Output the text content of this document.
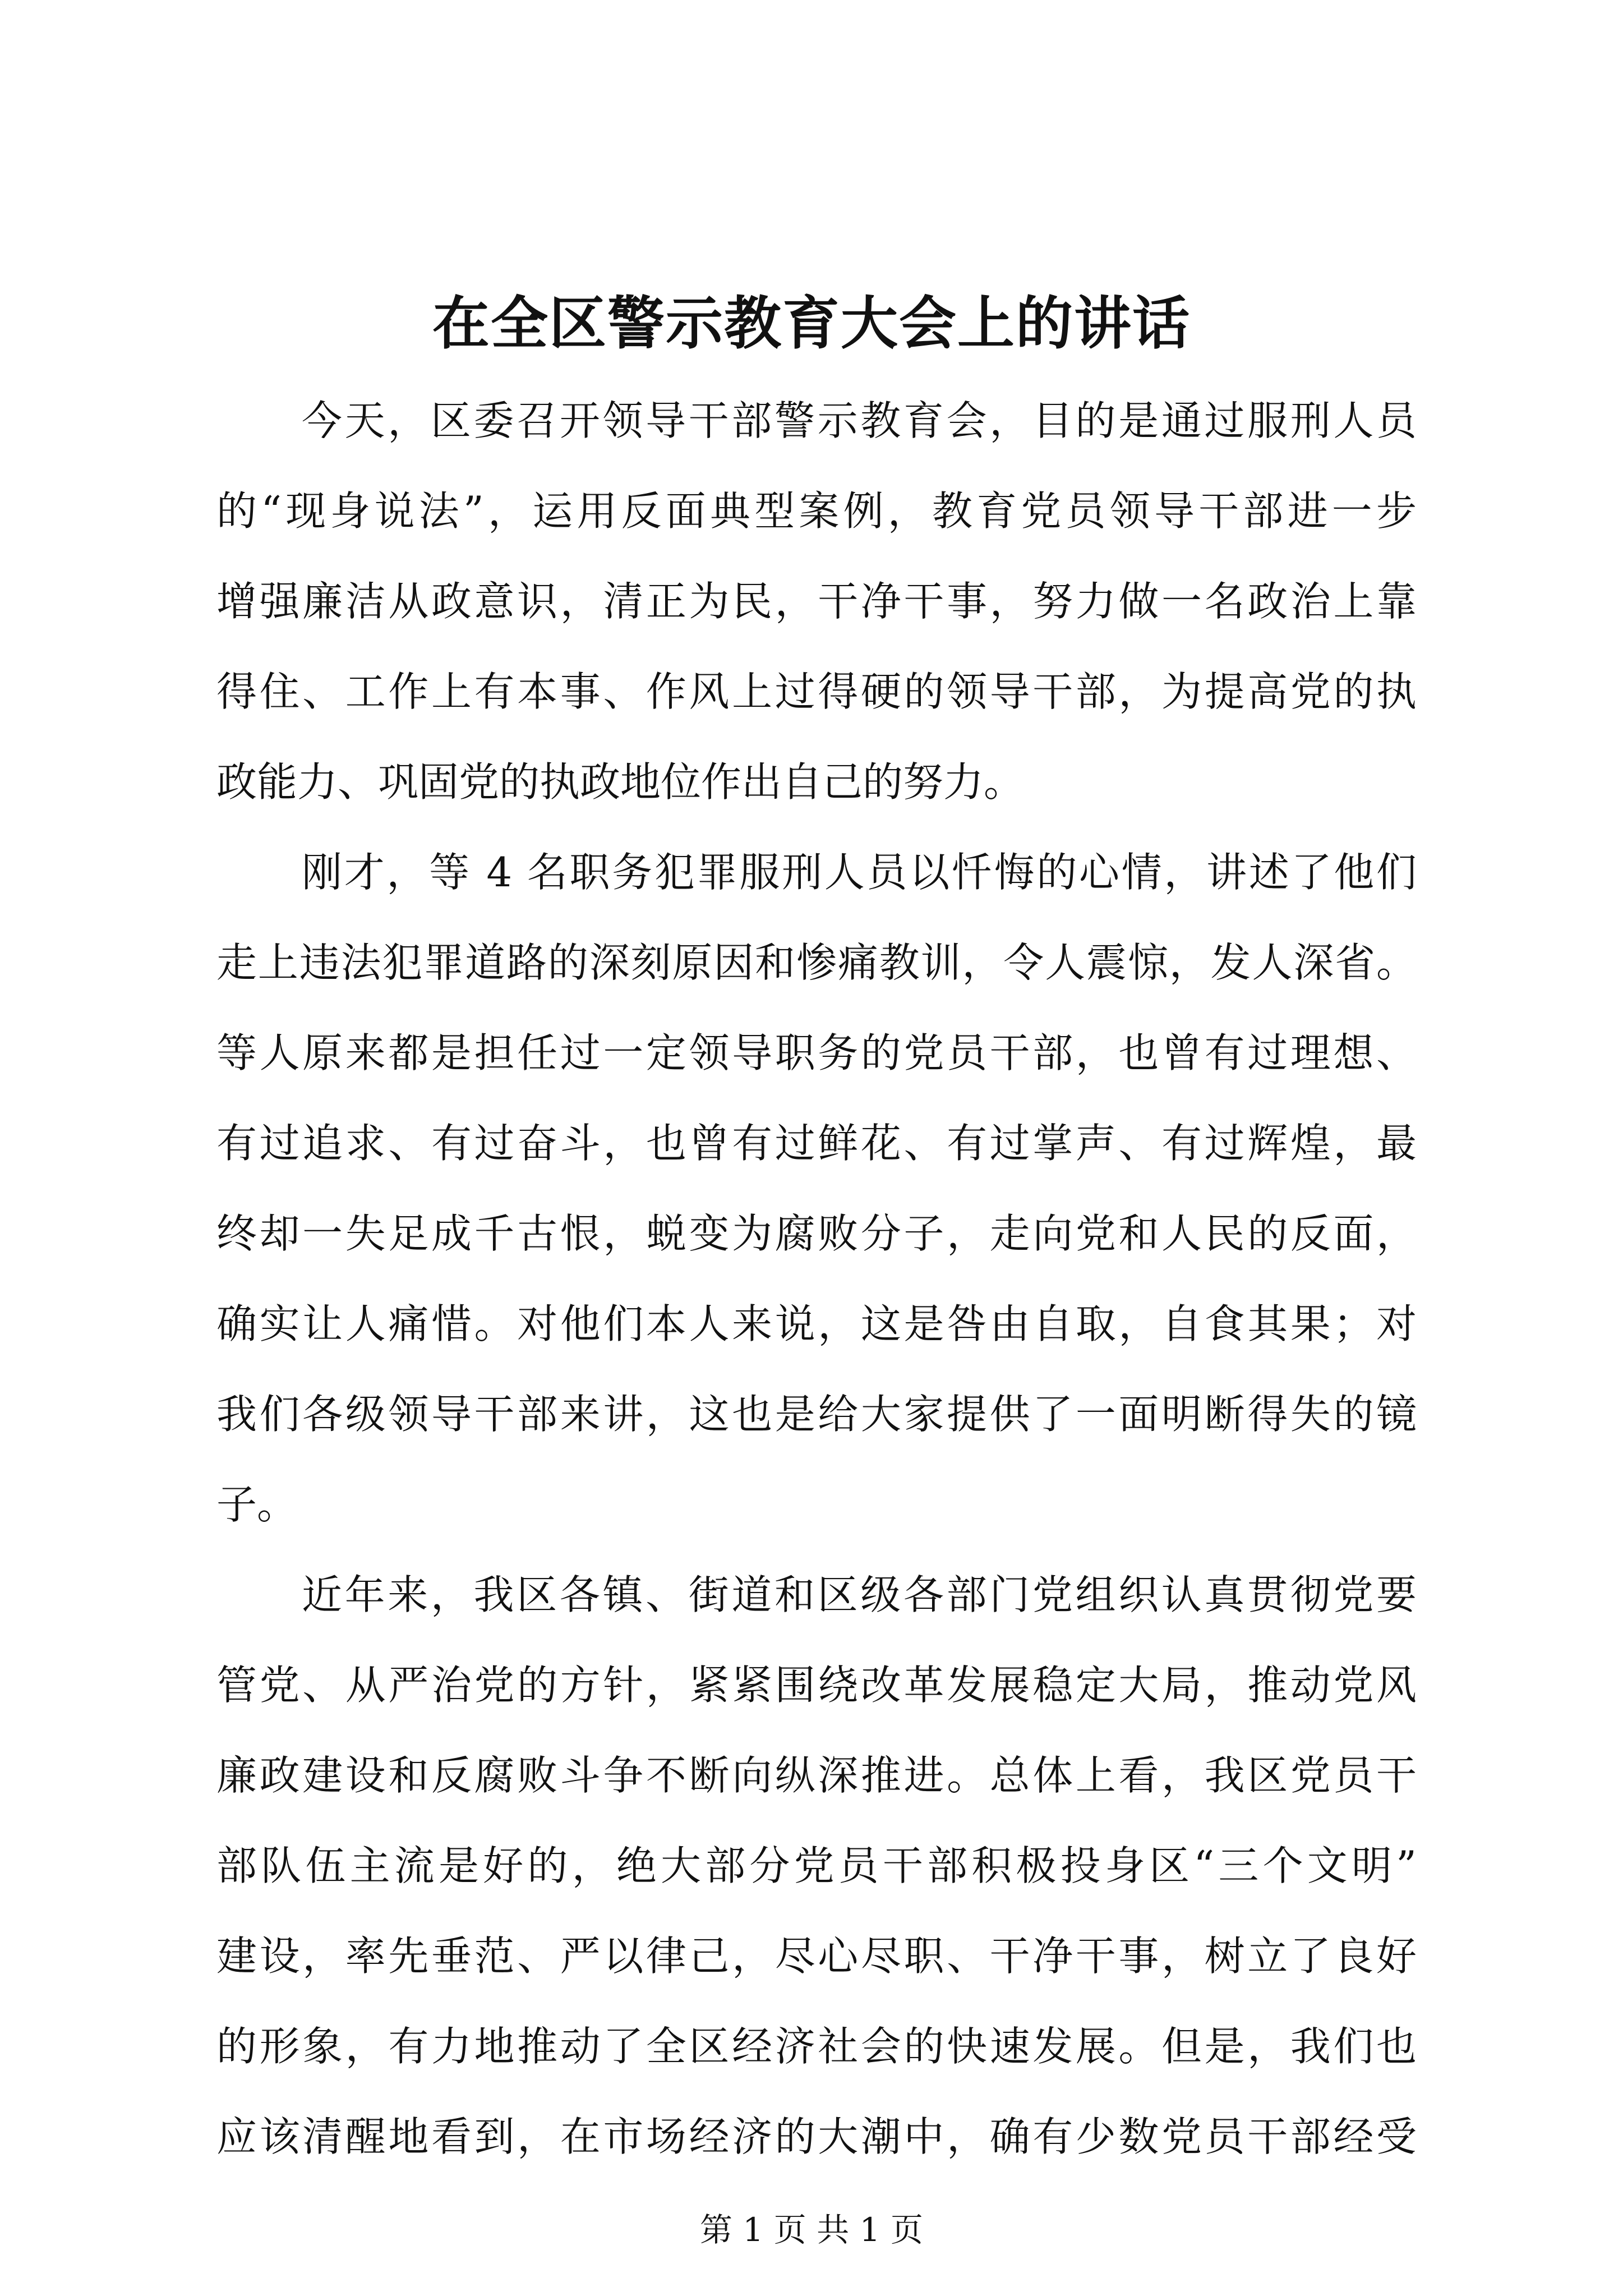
在全区警示教育大会上的讲话
今天，区委召开领导干部警示教育会，目的是通过服刑人员
的“现身说法”，运用反面典型案例，教育党员领导干部进一步
增强廉洁从政意识，清正为民，干净干事，努力做一名政治上靠
得住、工作上有本事、作风上过得硬的领导干部，为提高党的执
政能力、巩固党的执政地位作出自己的努力。
刚才，等 4 名职务犯罪服刑人员以忏悔的心情，讲述了他们
走上违法犯罪道路的深刻原因和惨痛教训，令人震惊，发人深省。
等人原来都是担任过一定领导职务的党员干部，也曾有过理想、
有过追求、有过奋斗，也曾有过鲜花、有过掌声、有过辉煌，最
终却一失足成千古恨，蜕变为腐败分子，走向党和人民的反面，
确实让人痛惜。对他们本人来说，这是咎由自取，自食其果；对
我们各级领导干部来讲，这也是给大家提供了一面明断得失的镜
子。
近年来，我区各镇、街道和区级各部门党组织认真贯彻党要
管党、从严治党的方针，紧紧围绕改革发展稳定大局，推动党风
廉政建设和反腐败斗争不断向纵深推进。总体上看，我区党员干
部队伍主流是好的，绝大部分党员干部积极投身区“三个文明”
建设，率先垂范、严以律己，尽心尽职、干净干事，树立了良好
的形象，有力地推动了全区经济社会的快速发展。但是，我们也
应该清醒地看到，在市场经济的大潮中，确有少数党员干部经受
第 1 页 共 1 页
